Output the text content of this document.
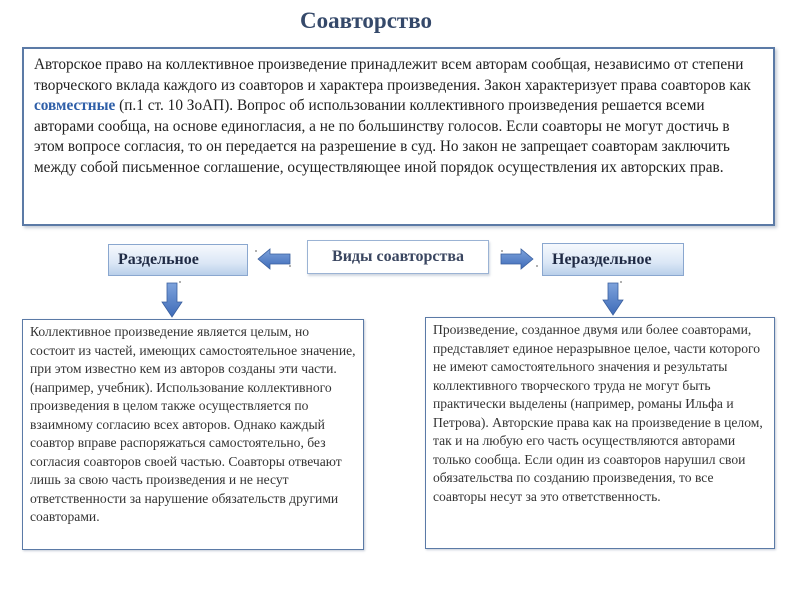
Соавторство
Авторское право на коллективное произведение принадлежит всем авторам сообщая, независимо от степени творческого вклада каждого из соавторов и характера произведения. Закон характеризует права соавторов как совместные (п.1 ст. 10 ЗоАП). Вопрос об использовании коллективного произведения решается всеми авторами сообща, на основе единогласия, а не по большинству голосов. Если соавторы не могут достичь в этом вопросе согласия, то он передается на разрешение в суд. Но закон не запрещает соавторам заключить между собой письменное соглашение, осуществляющее иной порядок осуществления их авторских прав.
Раздельное	Виды соавторства	Нераздельное
Коллективное произведение является целым, но состоит из частей, имеющих самостоятельное значение, при этом известно кем из авторов созданы эти части. (например, учебник). Использование коллективного произведения в целом также осуществляется по взаимному согласию всех авторов. Однако каждый соавтор вправе распоряжаться самостоятельно, без согласия соавторов своей частью. Соавторы отвечают лишь за свою часть произведения и не несут ответственности за нарушение обязательств другими соавторами.
Произведение, созданное двумя или более соавторами, представляет единое неразрывное целое, части которого не имеют самостоятельного значения и результаты коллективного творческого труда не могут быть практически выделены (например, романы Ильфа и Петрова). Авторские права как на произведение в целом, так и на любую его часть осуществляются авторами только сообща. Если один из соавторов нарушил свои обязательства по созданию произведения, то все соавторы несут за это ответственность.
